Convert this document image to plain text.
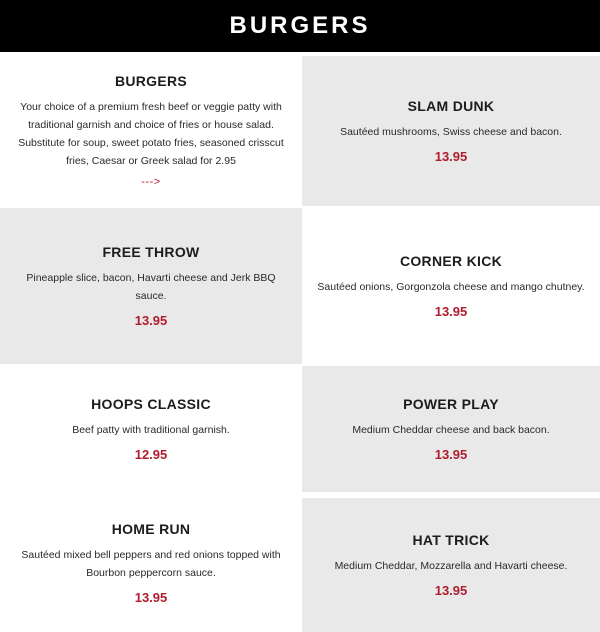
BURGERS
BURGERS
Your choice of a premium fresh beef or veggie patty with traditional garnish and choice of fries or house salad. Substitute for soup, sweet potato fries, seasoned crisscut fries, Caesar or Greek salad for 2.95
--->
SLAM DUNK
Sautéed mushrooms, Swiss cheese and bacon.
13.95
FREE THROW
Pineapple slice, bacon, Havarti cheese and Jerk BBQ sauce.
13.95
CORNER KICK
Sautéed onions, Gorgonzola cheese and mango chutney.
13.95
HOOPS CLASSIC
Beef patty with traditional garnish.
12.95
POWER PLAY
Medium Cheddar cheese and back bacon.
13.95
HOME RUN
Sautéed mixed bell peppers and red onions topped with Bourbon peppercorn sauce.
13.95
HAT TRICK
Medium Cheddar, Mozzarella and Havarti cheese.
13.95
